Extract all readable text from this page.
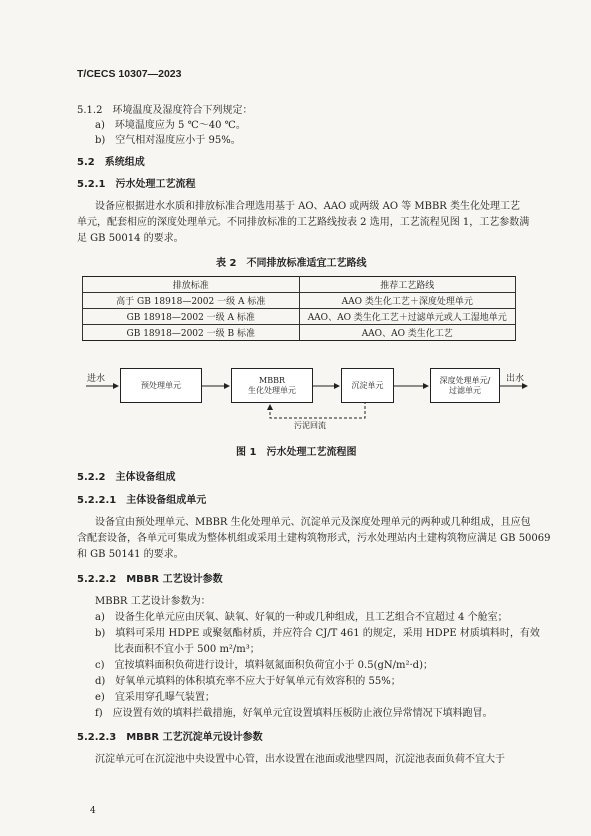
T/CECS 10307—2023
5.1.2　环境温度及湿度符合下列规定：
a)　环境温度应为 5 ℃～40 ℃。
b)　空气相对湿度应小于 95%。
5.2　系统组成
5.2.1　污水处理工艺流程
设备应根据进水水质和排放标准合理选用基于 AO、AAO 或两级 AO 等 MBBR 类生化处理工艺
单元，配套相应的深度处理单元。不同排放标准的工艺路线按表 2 选用，工艺流程见图 1，工艺参数满
足 GB 50014 的要求。
表 2　不同排放标准适宜工艺路线
排放标准	推荐工艺路线
高于 GB 18918—2002 一级 A 标准	AAO 类生化工艺＋深度处理单元
GB 18918—2002 一级 A 标准	AAO、AO 类生化工艺＋过滤单元或人工湿地单元
GB 18918—2002 一级 B 标准	AAO、AO 类生化工艺
进水	出水
预处理单元
MBBR
生化处理单元
沉淀单元
深度处理单元/
过滤单元
污泥回流
图 1　污水处理工艺流程图
5.2.2　主体设备组成
5.2.2.1　主体设备组成单元
设备宜由预处理单元、MBBR 生化处理单元、沉淀单元及深度处理单元的两种或几种组成，且应包
含配套设备，各单元可集成为整体机组或采用土建构筑物形式，污水处理站内土建构筑物应满足 GB 50069
和 GB 50141 的要求。
5.2.2.2　MBBR 工艺设计参数
MBBR 工艺设计参数为：
a)　设备生化单元应由厌氧、缺氧、好氧的一种或几种组成，且工艺组合不宜超过 4 个舱室；
b)　填料可采用 HDPE 或聚氨酯材质，并应符合 CJ/T 461 的规定，采用 HDPE 材质填料时，有效
比表面积不宜小于 500 m²/m³；
c)　宜按填料面积负荷进行设计，填料氨氮面积负荷宜小于 0.5(gN/m²·d)；
d)　好氧单元填料的体积填充率不应大于好氧单元有效容积的 55%；
e)　宜采用穿孔曝气装置；
f)　应设置有效的填料拦截措施，好氧单元宜设置填料压板防止液位异常情况下填料跑冒。
5.2.2.3　MBBR 工艺沉淀单元设计参数
沉淀单元可在沉淀池中央设置中心管，出水设置在池面或池壁四周，沉淀池表面负荷不宜大于
4
